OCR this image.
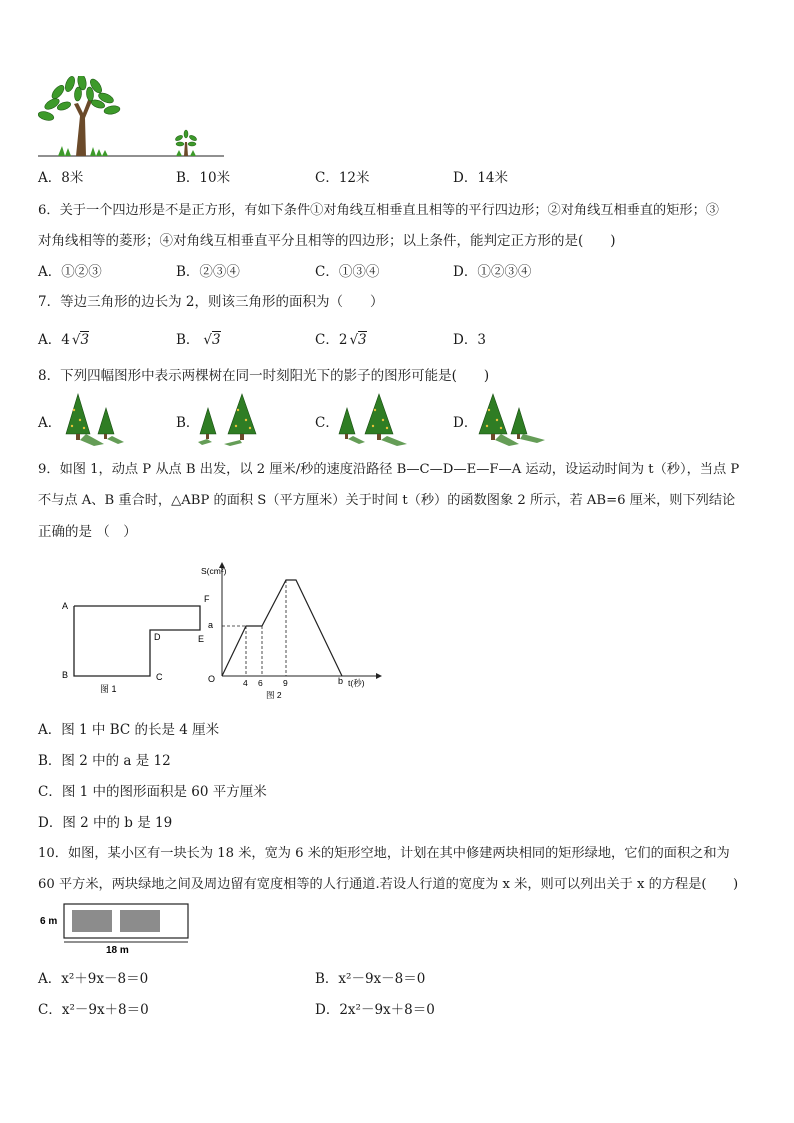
A．8米	B．10米	C．12米	D．14米
6．关于一个四边形是不是正方形，有如下条件①对角线互相垂直且相等的平行四边形；②对角线互相垂直的矩形；③
对角线相等的菱形；④对角线互相垂直平分且相等的四边形；以上条件，能判定正方形的是(　　)
A．①②③	B．②③④	C．①③④	D．①②③④
7．等边三角形的边长为 2，则该三角形的面积为（　　）
A．4 √3	B． √3	C．2 √3	D．3
8．下列四幅图形中表示两棵树在同一时刻阳光下的影子的图形可能是(　　)
A．	B．	C．	D．
9．如图 1，动点 P 从点 B 出发，以 2 厘米/秒的速度沿路径 B—C—D—E—F—A 运动，设运动时间为 t（秒），当点 P
不与点 A、B 重合时，△ABP 的面积 S（平方厘米）关于时间 t（秒）的函数图象 2 所示，若 AB=6 厘米，则下列结论
正确的是 （　）
A
B	C
D	E
F
图 1
S(cm²)
O	t(秒)
a
4 6 9	b
图 2
A．图 1 中 BC 的长是 4 厘米
B．图 2 中的 a 是 12
C．图 1 中的图形面积是 60 平方厘米
D．图 2 中的 b 是 19
10．如图，某小区有一块长为 18 米，宽为 6 米的矩形空地，计划在其中修建两块相同的矩形绿地，它们的面积之和为
60 平方米，两块绿地之间及周边留有宽度相等的人行通道.若设人行道的宽度为 x 米，则可以列出关于 x 的方程是(　　)
6 m
18 m
A．x²＋9x－8＝0	B．x²－9x－8＝0
C．x²－9x＋8＝0	D．2x²－9x＋8＝0
